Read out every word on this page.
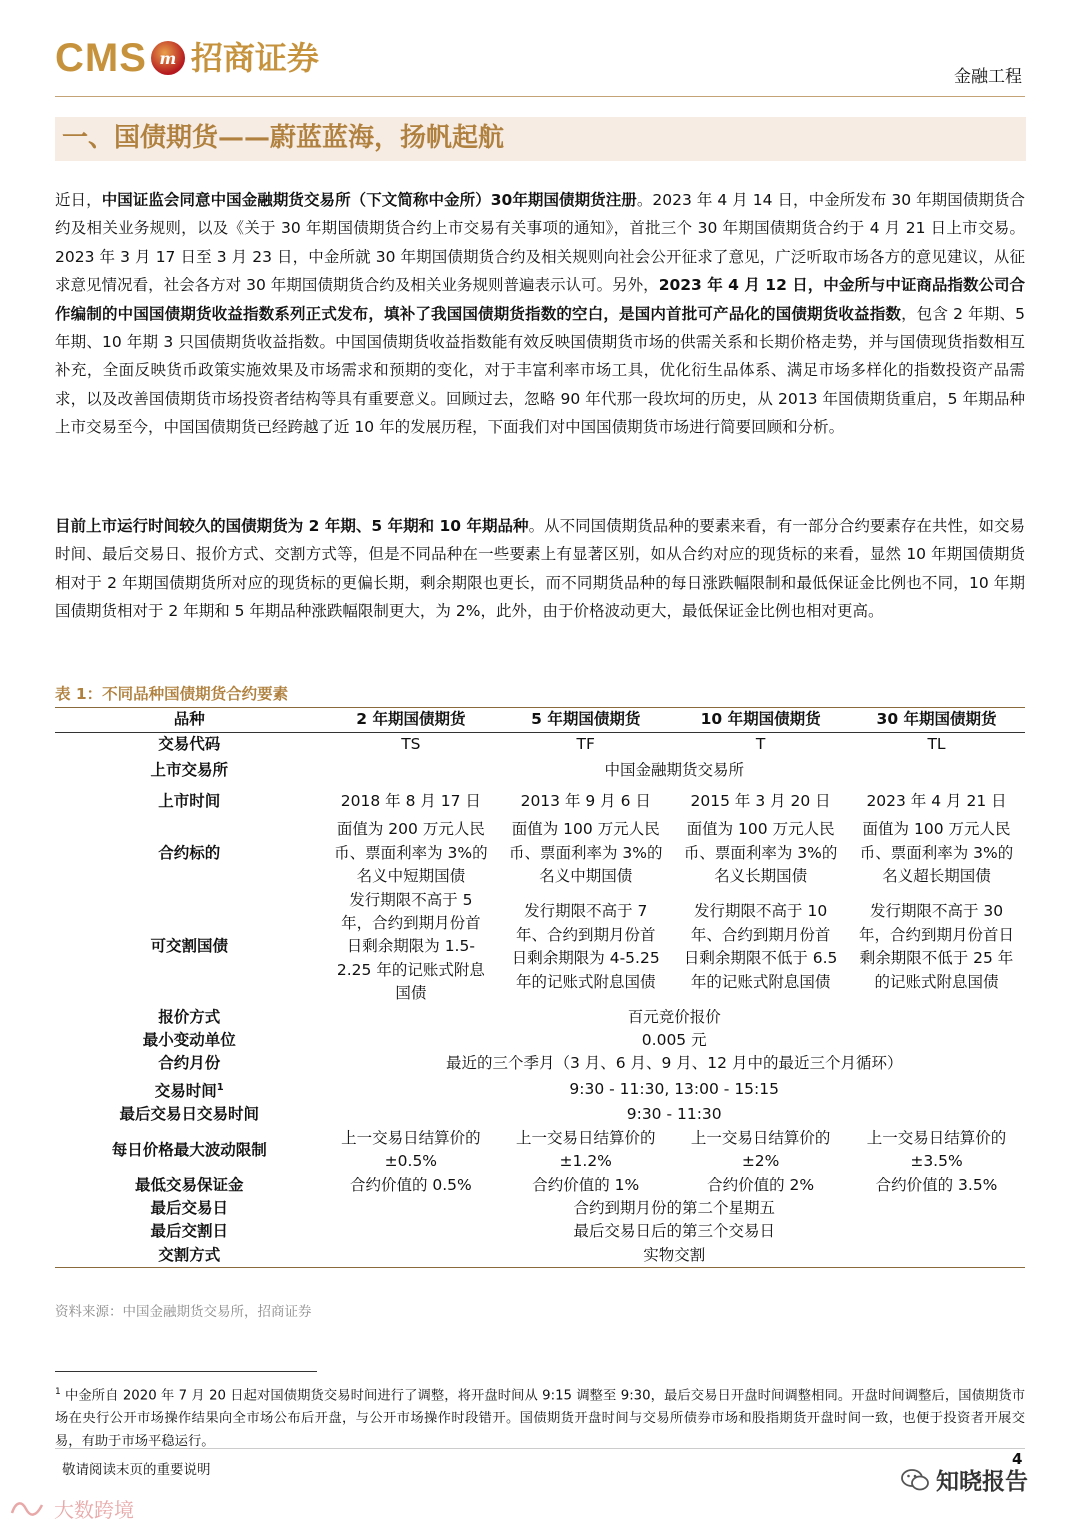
CMS m 招商证券	金融工程
一、国债期货——蔚蓝蓝海，扬帆起航
近日，中国证监会同意中国金融期货交易所（下文简称中金所）30年期国债期货注册。2023 年 4 月 14 日，中金所发布 30 年期国债期货合约及相关业务规则，以及《关于 30 年期国债期货合约上市交易有关事项的通知》，首批三个 30 年期国债期货合约于 4 月 21 日上市交易。2023 年 3 月 17 日至 3 月 23 日，中金所就 30 年期国债期货合约及相关规则向社会公开征求了意见，广泛听取市场各方的意见建议，从征求意见情况看，社会各方对 30 年期国债期货合约及相关业务规则普遍表示认可。另外，2023 年 4 月 12 日，中金所与中证商品指数公司合作编制的中国国债期货收益指数系列正式发布，填补了我国国债期货指数的空白，是国内首批可产品化的国债期货收益指数，包含 2 年期、5 年期、10 年期 3 只国债期货收益指数。中国国债期货收益指数能有效反映国债期货市场的供需关系和长期价格走势，并与国债现货指数相互补充，全面反映货币政策实施效果及市场需求和预期的变化，对于丰富利率市场工具，优化衍生品体系、满足市场多样化的指数投资产品需求，以及改善国债期货市场投资者结构等具有重要意义。回顾过去，忽略 90 年代那一段坎坷的历史，从 2013 年国债期货重启，5 年期品种上市交易至今，中国国债期货已经跨越了近 10 年的发展历程，下面我们对中国国债期货市场进行简要回顾和分析。
目前上市运行时间较久的国债期货为 2 年期、5 年期和 10 年期品种。从不同国债期货品种的要素来看，有一部分合约要素存在共性，如交易时间、最后交易日、报价方式、交割方式等，但是不同品种在一些要素上有显著区别，如从合约对应的现货标的来看，显然 10 年期国债期货相对于 2 年期国债期货所对应的现货标的更偏长期，剩余期限也更长，而不同期货品种的每日涨跌幅限制和最低保证金比例也不同，10 年期国债期货相对于 2 年期和 5 年期品种涨跌幅限制更大，为 2%，此外，由于价格波动更大，最低保证金比例也相对更高。
表 1：不同品种国债期货合约要素
品种	2 年期国债期货	5 年期国债期货	10 年期国债期货	30 年期国债期货
交易代码	TS	TF	T	TL
上市交易所	中国金融期货交易所			
上市时间	2018 年 8 月 17 日	2013 年 9 月 6 日	2015 年 3 月 20 日	2023 年 4 月 21 日
合约标的	面值为 200 万元人民币、票面利率为 3%的名义中短期国债	面值为 100 万元人民币、票面利率为 3%的名义中期国债	面值为 100 万元人民币、票面利率为 3%的名义长期国债	面值为 100 万元人民币、票面利率为 3%的名义超长期国债
可交割国债	发行期限不高于 5 年，合约到期月份首日剩余期限为 1.5-2.25 年的记账式附息国债	发行期限不高于 7 年、合约到期月份首日剩余期限为 4-5.25 年的记账式附息国债	发行期限不高于 10 年、合约到期月份首日剩余期限不低于 6.5 年的记账式附息国债	发行期限不高于 30 年，合约到期月份首日剩余期限不低于 25 年的记账式附息国债
报价方式	百元竞价报价			
最小变动单位	0.005 元			
合约月份	最近的三个季月（3 月、6 月、9 月、12 月中的最近三个月循环）			
交易时间$^1$	9:30 - 11:30, 13:00 - 15:15			
最后交易日交易时间	9:30 - 11:30			
每日价格最大波动限制	上一交易日结算价的±0.5%	上一交易日结算价的±1.2%	上一交易日结算价的±2%	上一交易日结算价的±3.5%
最低交易保证金	合约价值的 0.5%	合约价值的 1%	合约价值的 2%	合约价值的 3.5%
最后交易日	合约到期月份的第二个星期五			
最后交割日	最后交易日后的第三个交易日			
交割方式	实物交割			
资料来源：中国金融期货交易所，招商证券
$^1$ 中金所自 2020 年 7 月 20 日起对国债期货交易时间进行了调整，将开盘时间从 9:15 调整至 9:30，最后交易日开盘时间调整相同。开盘时间调整后，国债期货市场在央行公开市场操作结果向全市场公布后开盘，与公开市场操作时段错开。国债期货开盘时间与交易所债券市场和股指期货开盘时间一致，也便于投资者开展交易，有助于市场平稳运行。
敬请阅读末页的重要说明
4
知晓报告
大数跨境
